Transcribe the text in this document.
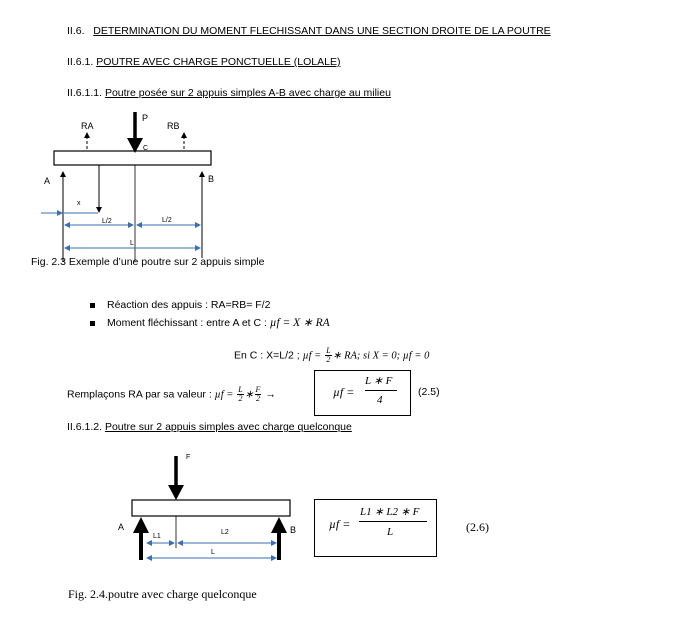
II.6. DETERMINATION DU MOMENT FLECHISSANT DANS UNE SECTION DROITE DE LA POUTRE
II.6.1. POUTRE AVEC CHARGE PONCTUELLE (LOLALE)
II.6.1.1. Poutre posée sur 2 appuis simples A-B avec charge au milieu
RA
P
RB
C
A	B
x
L/2	L/2
L
F
A	B
L1
L2
L
Fig. 2.3 Exemple d’une poutre sur 2 appuis simple
Réaction des appuis : RA=RB= F/2
Moment fléchissant : entre A et C : µf = X ∗ RA
En C : X=L/2 ; $\mu f = \frac{L}{2}$ ∗ RA; si X = 0; µf = 0
Remplaçons RA par sa valeur : $\mu f = \frac{L}{2}$ ∗ $\frac{F}{2}$ →	µf =
L ∗ F
4
(2.5)
II.6.1.2. Poutre sur 2 appuis simples avec charge quelconque
µf =
L1 ∗ L2 ∗ F
L	(2.6)
Fig. 2.4.poutre avec charge quelconque
